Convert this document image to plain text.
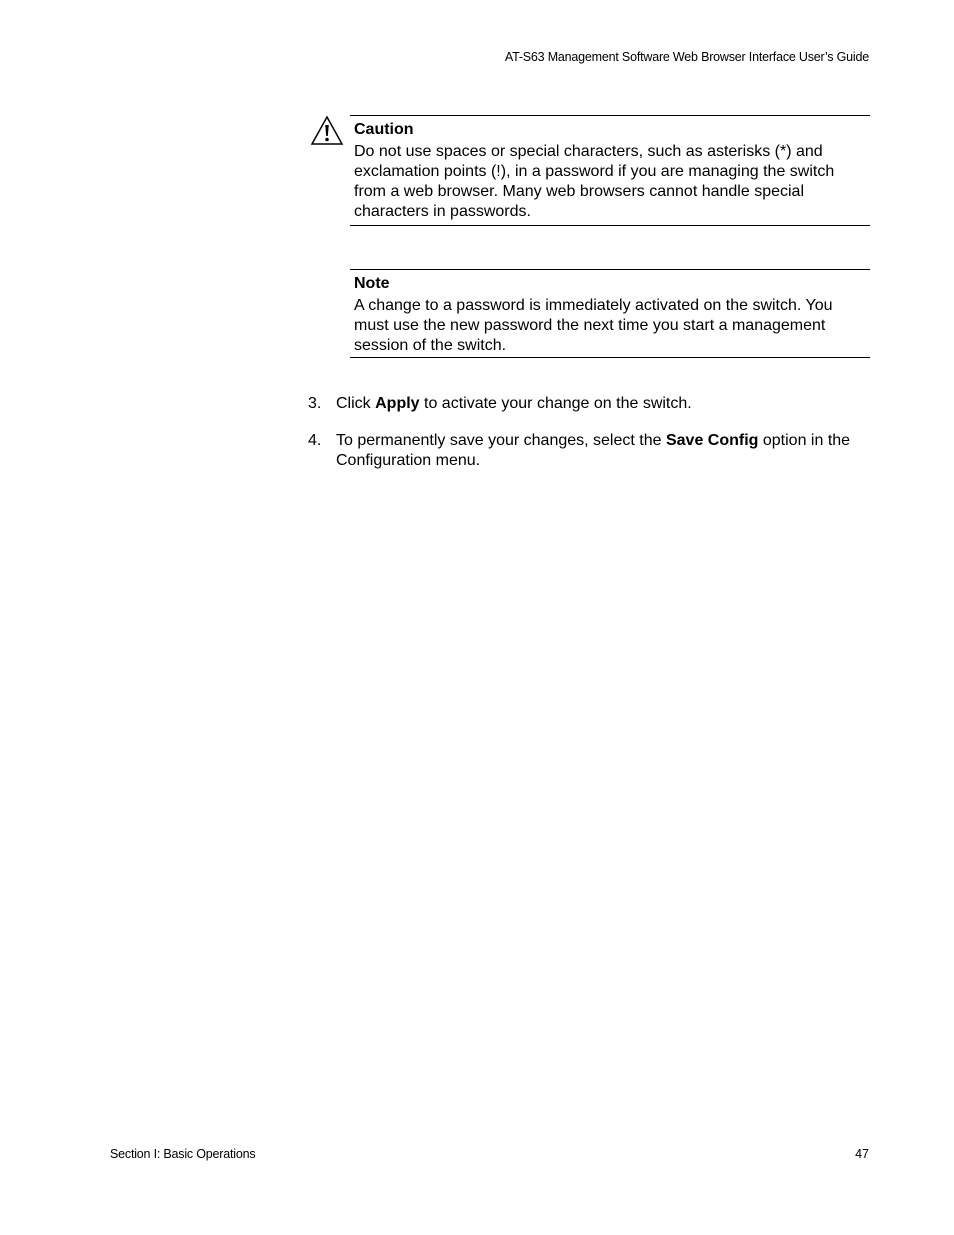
AT-S63 Management Software Web Browser Interface User’s Guide
Caution
Do not use spaces or special characters, such as asterisks (*) and exclamation points (!), in a password if you are managing the switch from a web browser. Many web browsers cannot handle special characters in passwords.
Note
A change to a password is immediately activated on the switch. You must use the new password the next time you start a management session of the switch.
3. Click Apply to activate your change on the switch.
4. To permanently save your changes, select the Save Config option in the Configuration menu.
Section I: Basic Operations	47
